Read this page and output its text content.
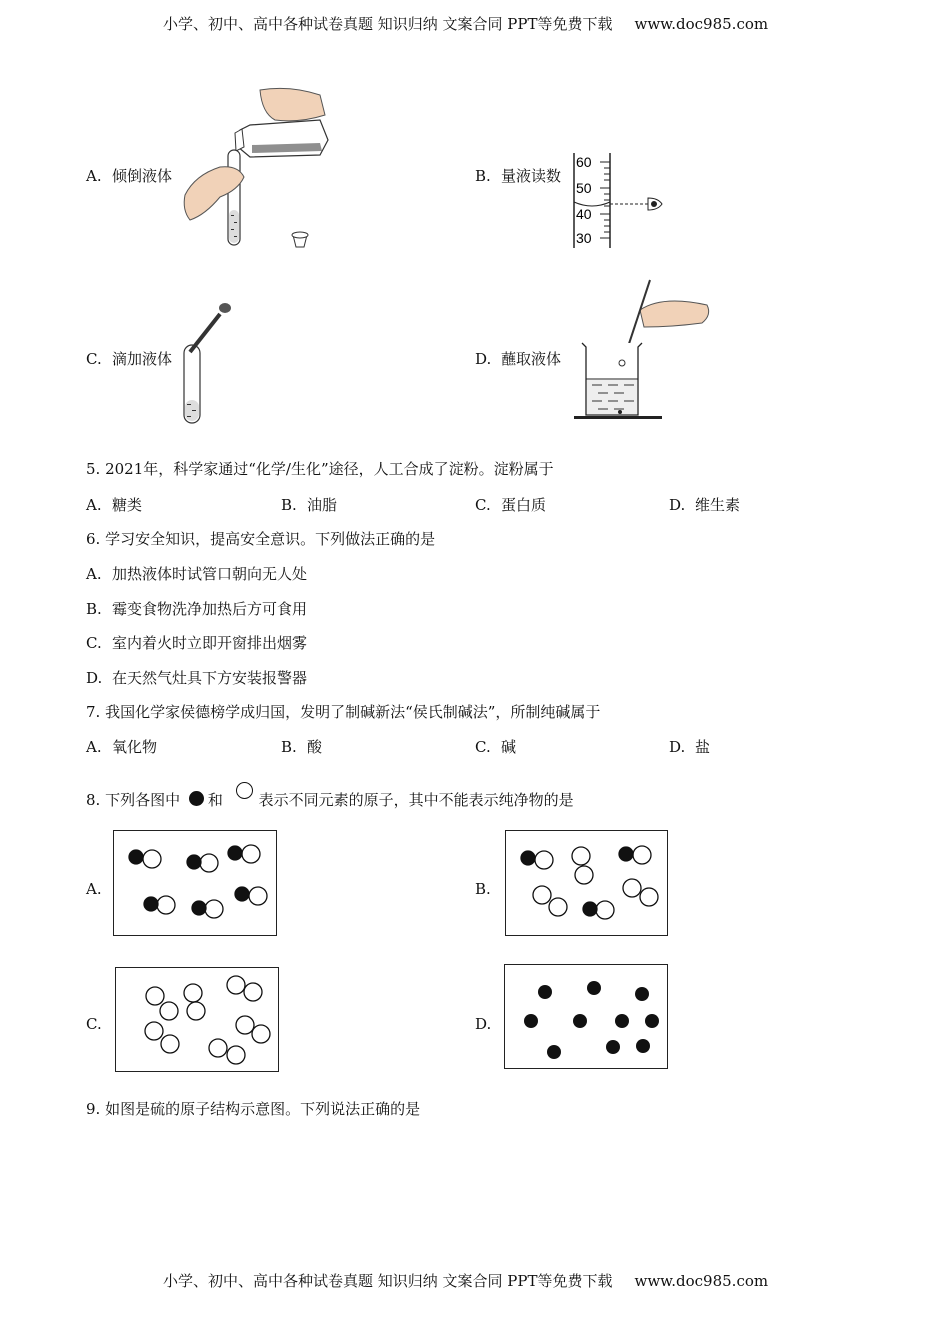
小学、初中、高中各种试卷真题 知识归纳 文案合同 PPT等免费下载 www.doc985.com
A. 倾倒液体	B. 量液读数
C. 滴加液体	D. 蘸取液体
60
50
40
30
5. 2021年，科学家通过“化学/生化”途径，人工合成了淀粉。淀粉属于
A. 糖类	B. 油脂	C. 蛋白质	D. 维生素
6. 学习安全知识，提高安全意识。下列做法正确的是
A. 加热液体时试管口朝向无人处
B. 霉变食物洗净加热后方可食用
C. 室内着火时立即开窗排出烟雾
D. 在天然气灶具下方安装报警器
7. 我国化学家侯德榜学成归国，发明了制碱新法“侯氏制碱法”，所制纯碱属于
A. 氧化物	B. 酸	C. 碱	D. 盐
8. 下列各图中 和 表示不同元素的原子，其中不能表示纯净物的是
A.	B.
C.	D.
9. 如图是硫的原子结构示意图。下列说法正确的是
小学、初中、高中各种试卷真题 知识归纳 文案合同 PPT等免费下载 www.doc985.com
